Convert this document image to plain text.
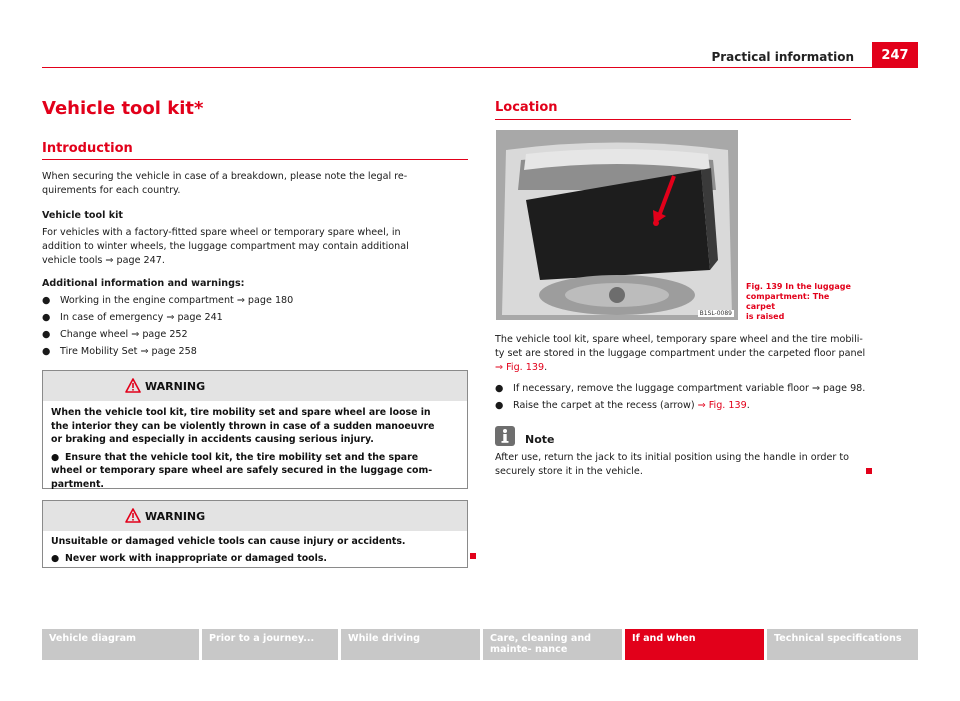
Practical information	247
Vehicle tool kit*
Introduction
When securing the vehicle in case of a breakdown, please note the legal re-
quirements for each country.
Vehicle tool kit
For vehicles with a factory-fitted spare wheel or temporary spare wheel, in
addition to winter wheels, the luggage compartment may contain additional
vehicle tools ⇒ page 247.
Additional information and warnings:
● Working in the engine compartment ⇒ page 180
● In case of emergency ⇒ page 241
● Change wheel ⇒ page 252
● Tire Mobility Set ⇒ page 258
WARNING
When the vehicle tool kit, tire mobility set and spare wheel are loose in
the interior they can be violently thrown in case of a sudden manoeuvre
or braking and especially in accidents causing serious injury.
● Ensure that the vehicle tool kit, the tire mobility set and the spare
wheel or temporary spare wheel are safely secured in the luggage com-
partment.
WARNING
Unsuitable or damaged vehicle tools can cause injury or accidents.
● Never work with inappropriate or damaged tools.
Location
B1SL-0089
Fig. 139 In the luggage
compartment: The carpet
is raised
The vehicle tool kit, spare wheel, temporary spare wheel and the tire mobili-
ty set are stored in the luggage compartment under the carpeted floor panel
⇒ Fig. 139.
● If necessary, remove the luggage compartment variable floor ⇒ page 98.
● Raise the carpet at the recess (arrow) ⇒ Fig. 139.
Note
After use, return the jack to its initial position using the handle in order to
securely store it in the vehicle.
Vehicle diagram	Prior to a journey...	While driving	Care, cleaning and mainte- nance
If and when	Technical specifications
